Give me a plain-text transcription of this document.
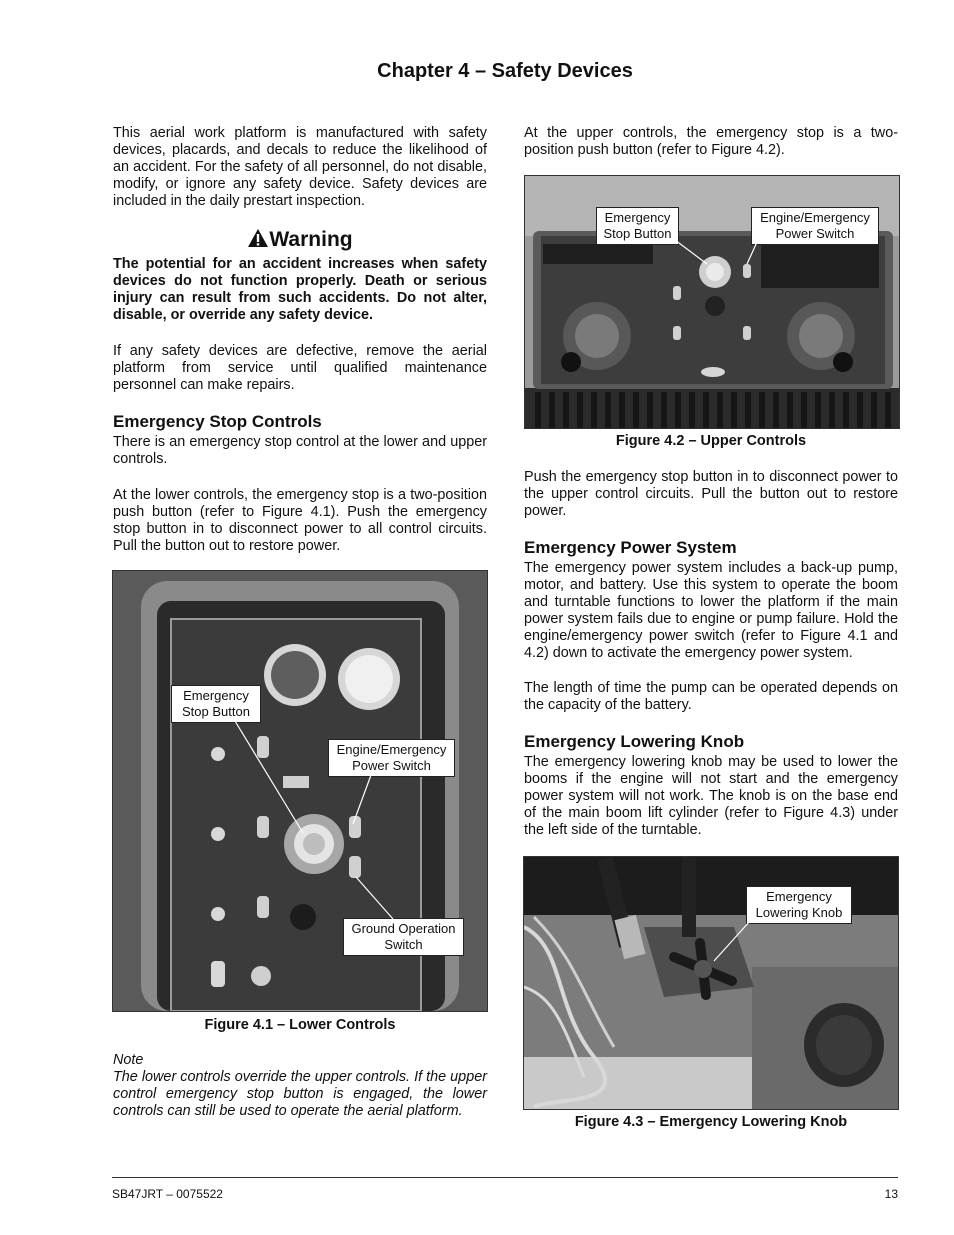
Chapter 4 – Safety Devices

This aerial work platform is manufactured with safety devices, placards, and decals to reduce the likelihood of an accident. For the safety of all personnel, do not disable, modify, or ignore any safety device. Safety devices are included in the daily prestart inspection.

Warning
The potential for an accident increases when safety devices do not function properly. Death or serious injury can result from such accidents. Do not alter, disable, or override any safety device.
If any safety devices are defective, remove the aerial platform from service until qualified maintenance personnel can make repairs.
Emergency Stop Controls
There is an emergency stop control at the lower and upper controls.
At the lower controls, the emergency stop is a two-position push button (refer to Figure 4.1). Push the emergency stop button in to disconnect power to all control circuits. Pull the button out to restore power.
Emergency
Stop Button
Engine/Emergency
Power Switch
Ground Operation
Switch
Figure 4.1 – Lower Controls
Note
The lower controls override the upper controls. If the upper control emergency stop button is engaged, the lower controls can still be used to operate the aerial platform.
At the upper controls, the emergency stop is a two-position push button (refer to Figure 4.2).
Emergency
Stop Button
Engine/Emergency
Power Switch
Figure 4.2 – Upper Controls
Push the emergency stop button in to disconnect power to the upper control circuits. Pull the button out to restore power.
Emergency Power System
The emergency power system includes a back-up pump, motor, and battery. Use this system to operate the boom and turntable functions to lower the platform if the main power system fails due to engine or pump failure. Hold the engine/emergency power switch (refer to Figure 4.1 and 4.2) down to activate the emergency power system.
The length of time the pump can be operated depends on the capacity of the battery.
Emergency Lowering Knob
The emergency lowering knob may be used to lower the booms if the engine will not start and the emergency power system will not work. The knob is on the base end of the main boom lift cylinder (refer to Figure 4.3) under the left side of the turntable.
Emergency
Lowering Knob
Figure 4.3 – Emergency Lowering Knob
SB47JRT – 0075522	13
